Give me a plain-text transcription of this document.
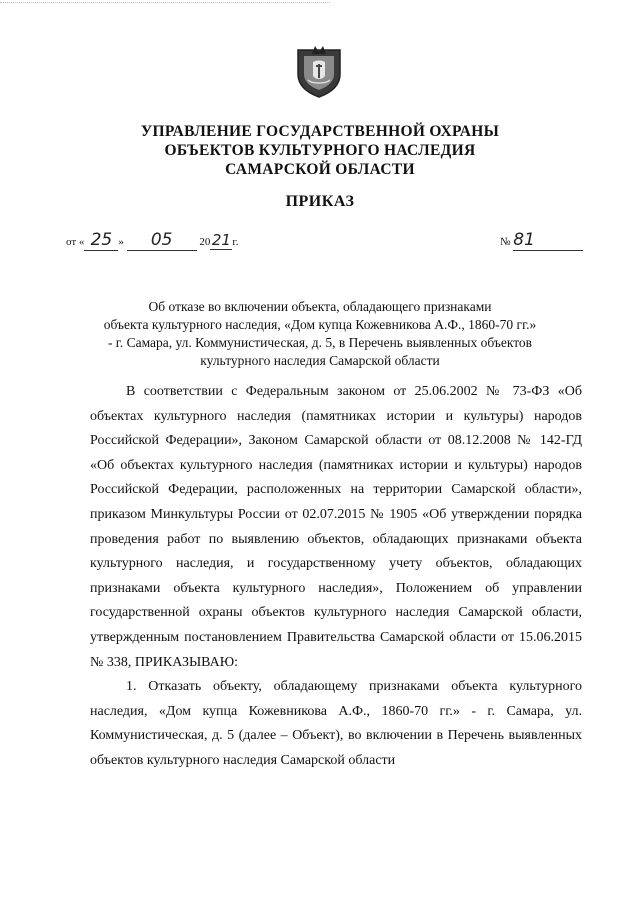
УПРАВЛЕНИЕ ГОСУДАРСТВЕННОЙ ОХРАНЫ
ОБЪЕКТОВ КУЛЬТУРНОГО НАСЛЕДИЯ
САМАРСКОЙ ОБЛАСТИ
ПРИКАЗ
от « 25 » 05 2021г.	№ 81
Об отказе во включении объекта, обладающего признаками
объекта культурного наследия, «Дом купца Кожевникова А.Ф., 1860-70 гг.»
- г. Самара, ул. Коммунистическая, д. 5, в Перечень выявленных объектов
культурного наследия Самарской области

В соответствии с Федеральным законом от 25.06.2002 № 73-ФЗ «Об объектах культурного наследия (памятниках истории и культуры) народов Российской Федерации», Законом Самарской области от 08.12.2008 № 142-ГД «Об объектах культурного наследия (памятниках истории и культуры) народов Российской Федерации, расположенных на территории Самарской области», приказом Минкультуры России от 02.07.2015 № 1905 «Об утверждении порядка проведения работ по выявлению объектов, обладающих признаками объекта культурного наследия, и государственному учету объектов, обладающих признаками объекта культурного наследия», Положением об управлении государственной охраны объектов культурного наследия Самарской области, утвержденным постановлением Правительства Самарской области от 15.06.2015 № 338, ПРИКАЗЫВАЮ:

1. Отказать объекту, обладающему признаками объекта культурного наследия, «Дом купца Кожевникова А.Ф., 1860-70 гг.» - г. Самара, ул. Коммунистическая, д. 5 (далее – Объект), во включении в Перечень выявленных объектов культурного наследия Самарской области
